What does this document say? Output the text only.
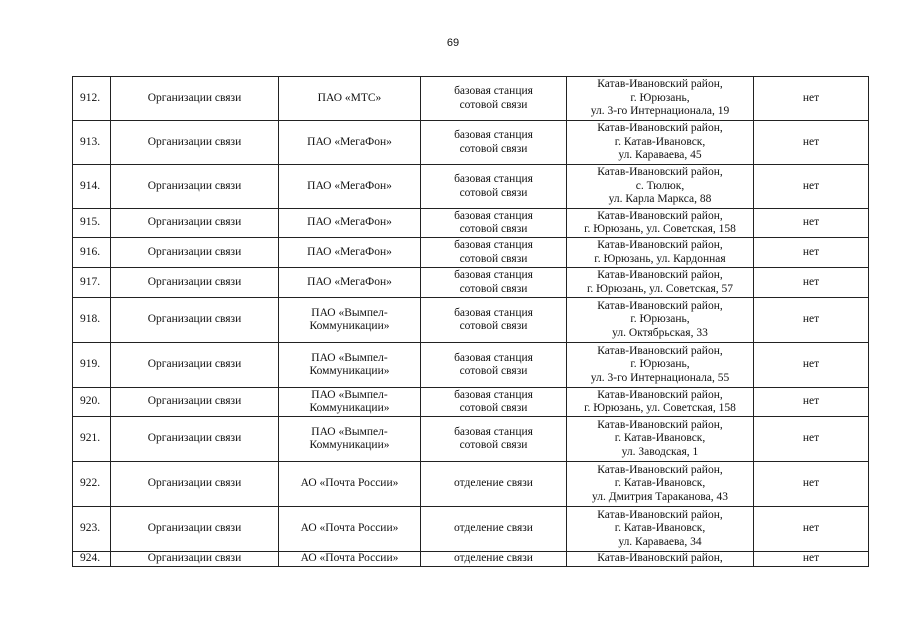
69
912.	Организации связи	ПАО «МТС»	базовая станция
сотовой связи	Катав-Ивановский район,
г. Юрюзань,
ул. 3-го Интернационала, 19	нет
913.	Организации связи	ПАО «МегаФон»	базовая станция
сотовой связи	Катав-Ивановский район,
г. Катав-Ивановск,
ул. Караваева, 45	нет
914.	Организации связи	ПАО «МегаФон»	базовая станция
сотовой связи	Катав-Ивановский район,
с. Тюлюк,
ул. Карла Маркса, 88	нет
915.	Организации связи	ПАО «МегаФон»	базовая станция
сотовой связи	Катав-Ивановский район,
г. Юрюзань, ул. Советская, 158	нет
916.	Организации связи	ПАО «МегаФон»	базовая станция
сотовой связи	Катав-Ивановский район,
г. Юрюзань, ул. Кардонная	нет
917.	Организации связи	ПАО «МегаФон»	базовая станция
сотовой связи	Катав-Ивановский район,
г. Юрюзань, ул. Советская, 57	нет
918.	Организации связи	ПАО «Вымпел-
Коммуникации»	базовая станция
сотовой связи	Катав-Ивановский район,
г. Юрюзань,
ул. Октябрьская, 33	нет
919.	Организации связи	ПАО «Вымпел-
Коммуникации»	базовая станция
сотовой связи	Катав-Ивановский район,
г. Юрюзань,
ул. 3-го Интернационала, 55	нет
920.	Организации связи	ПАО «Вымпел-
Коммуникации»	базовая станция
сотовой связи	Катав-Ивановский район,
г. Юрюзань, ул. Советская, 158	нет
921.	Организации связи	ПАО «Вымпел-
Коммуникации»	базовая станция
сотовой связи	Катав-Ивановский район,
г. Катав-Ивановск,
ул. Заводская, 1	нет
922.	Организации связи	АО «Почта России»	отделение связи	Катав-Ивановский район,
г. Катав-Ивановск,
ул. Дмитрия Тараканова, 43	нет
923.	Организации связи	АО «Почта России»	отделение связи	Катав-Ивановский район,
г. Катав-Ивановск,
ул. Караваева, 34	нет
924.	Организации связи	АО «Почта России»	отделение связи	Катав-Ивановский район,	нет
